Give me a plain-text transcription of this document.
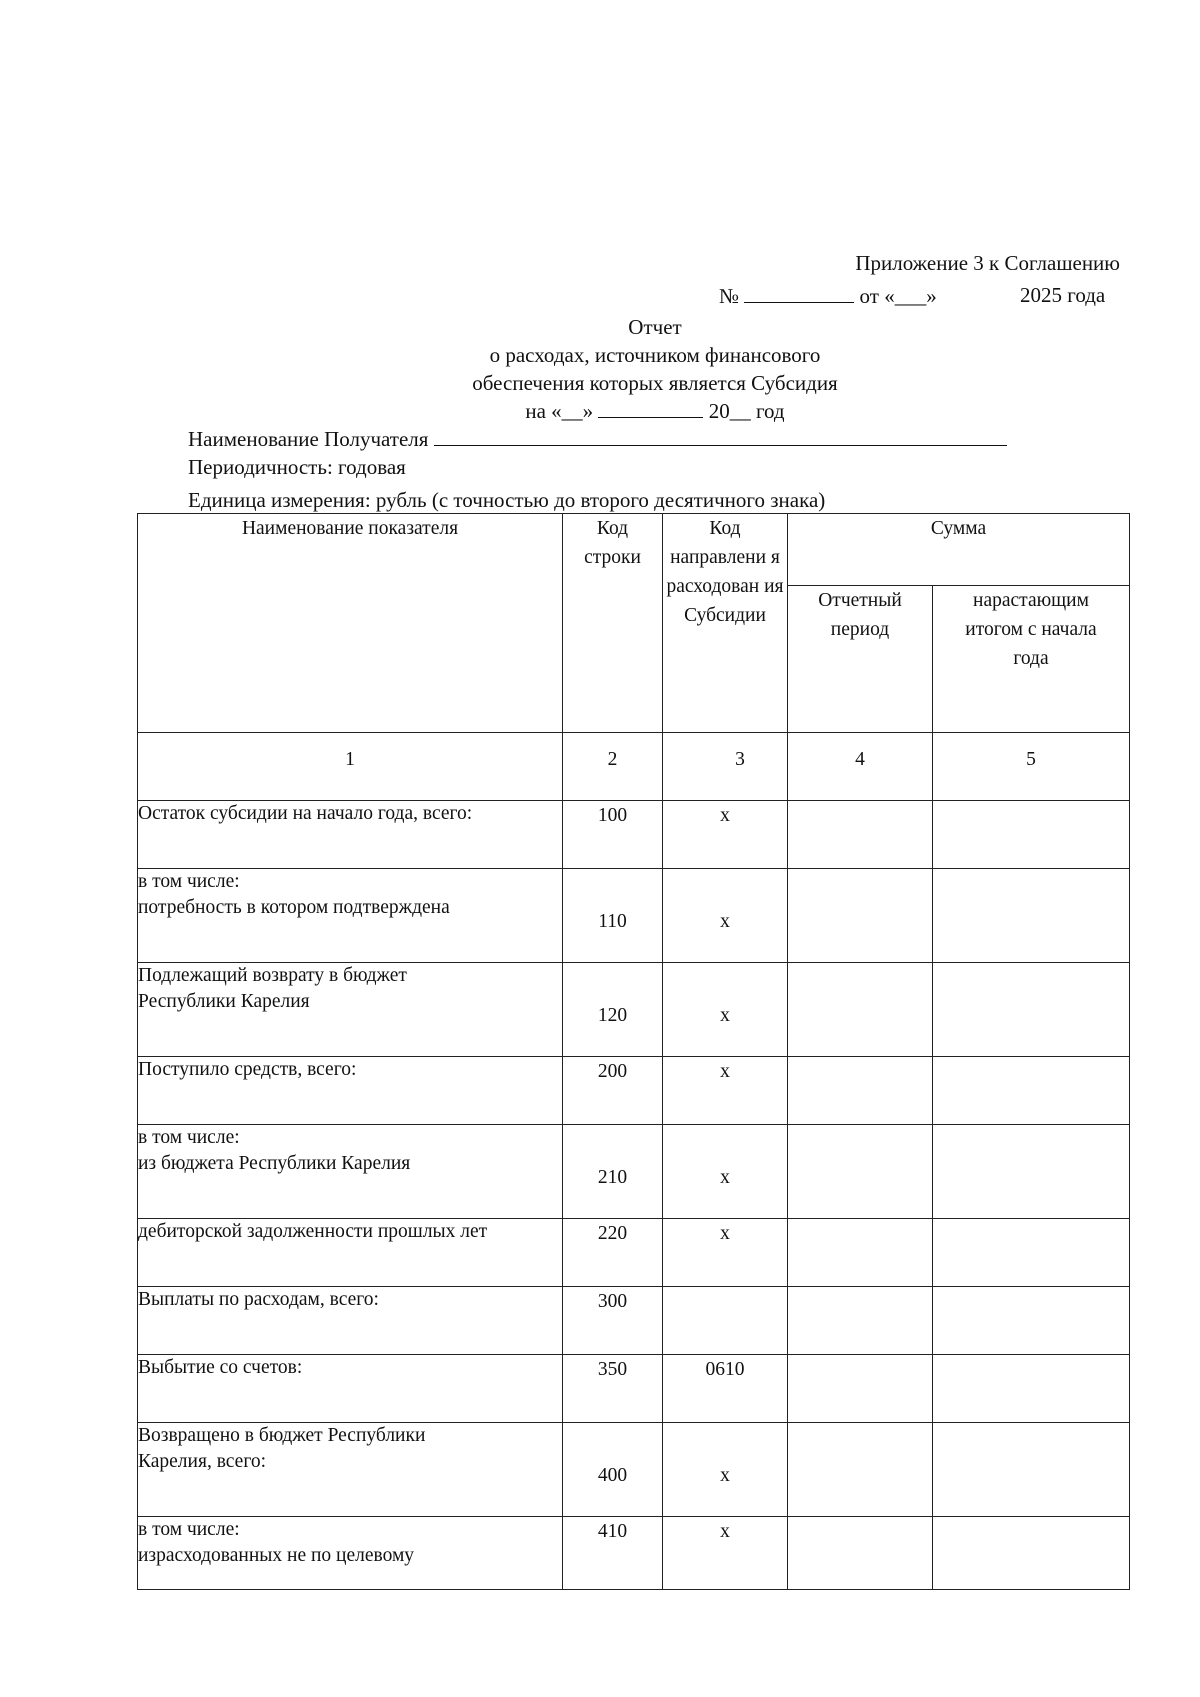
Приложение 3 к Соглашению
№	от «___»	2025 года
Отчет
о расходах, источником финансового
обеспечения которых является Субсидия
на «__»	20__ год
Наименование Получателя
Периодичность: годовая
Единица измерения: рубль (с точностью до второго десятичного знака)
Наименование показателя	Код строки	Код направлени я расходован ия Субсидии	Сумма	

			Отчетный период	нарастающим итогом с начала года

1	2	3	4	5
Остаток субсидии на начало года, всего:	100	x		
в том числе:
потребность в котором подтверждена	110	x		
Подлежащий возврату в бюджет
Республики Карелия	120	x		
Поступило средств, всего:	200	x		
в том числе:
из бюджета Республики Карелия	210	x		
дебиторской задолженности прошлых лет	220	x		
Выплаты по расходам, всего:	300			
Выбытие со счетов:	350	0610		
Возвращено в бюджет Республики
Карелия, всего:	400	x		
в том числе:
израсходованных не по целевому	410	x		
